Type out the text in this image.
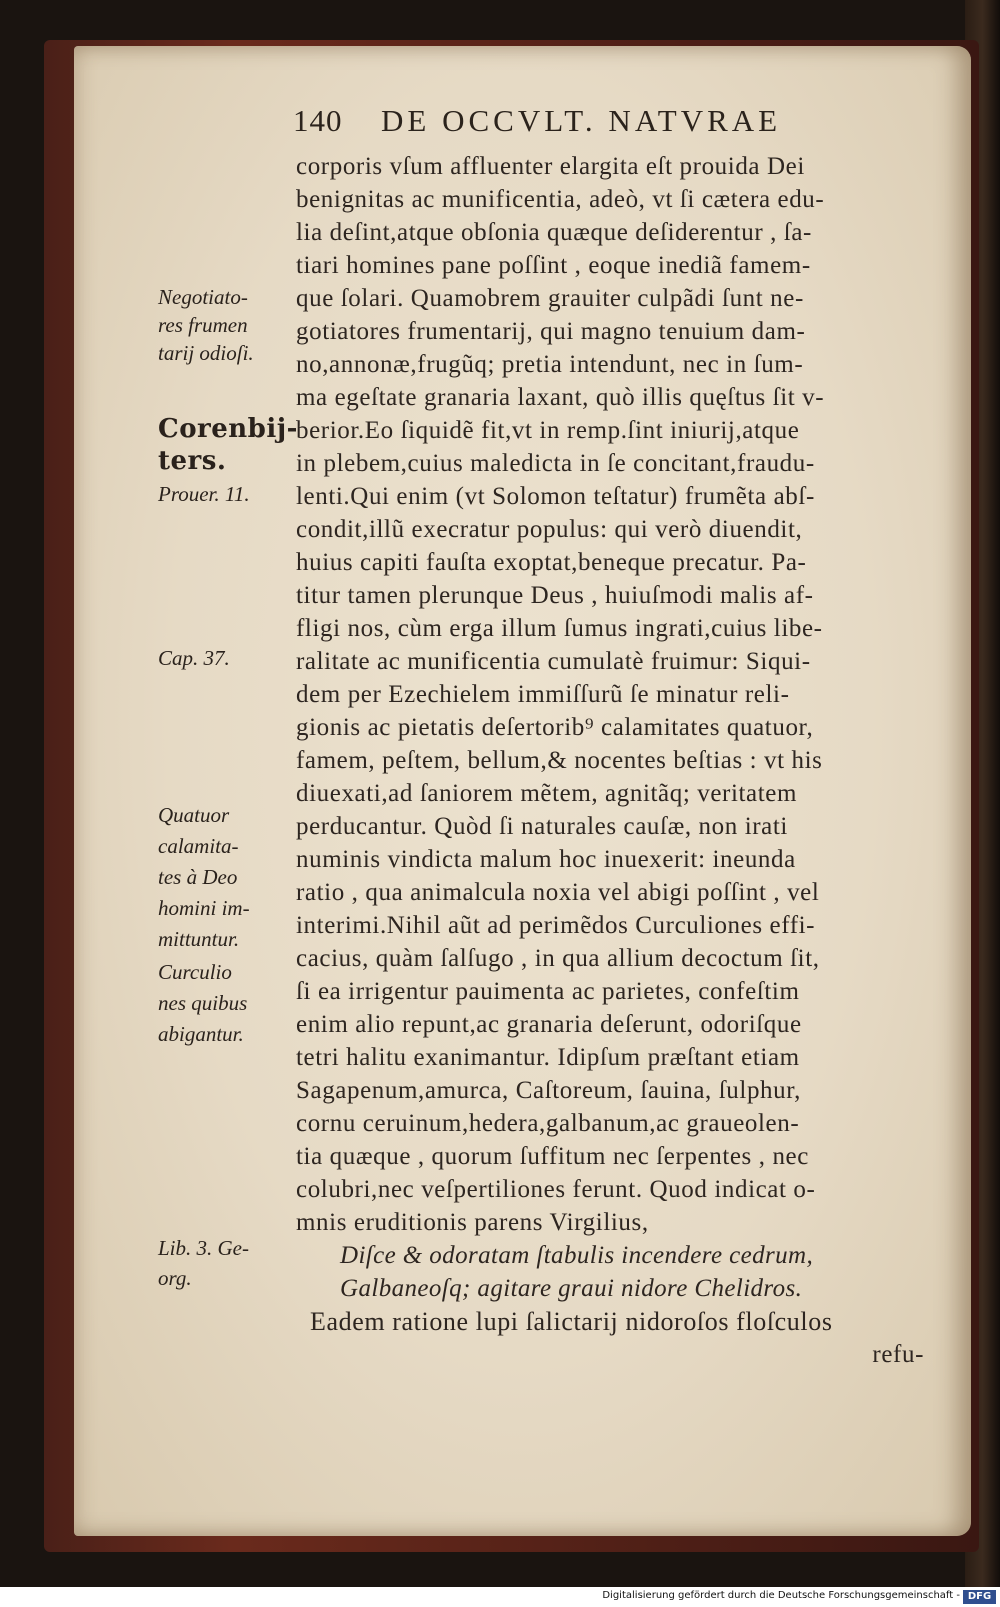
140 DE OCCVLT. NATVRAE
corporis vſum affluenter elargita eſt prouida Dei
benignitas ac munificentia, adeò, vt ſi cætera edu-
lia deſint,atque obſonia quæque deſiderentur , ſa-
tiari homines pane poſſint , eoque inediã famem-
que ſolari. Quamobrem grauiter culpãdi ſunt ne-
gotiatores frumentarij, qui magno tenuium dam-
no,annonæ,frugũq; pretia intendunt, nec in ſum-
ma egeſtate granaria laxant, quò illis quęſtus ſit v-
berior.Eo ſiquidẽ fit,vt in remp.ſint iniurij,atque
in plebem,cuius maledicta in ſe concitant,fraudu-
lenti.Qui enim (vt Solomon teſtatur) frumẽta abſ-
condit,illũ execratur populus: qui verò diuendit,
huius capiti fauſta exoptat,beneque precatur. Pa-
titur tamen plerunque Deus , huiuſmodi malis af-
fligi nos, cùm erga illum ſumus ingrati,cuius libe-
ralitate ac munificentia cumulatè fruimur: Siqui-
dem per Ezechielem immiſſurũ ſe minatur reli-
gionis ac pietatis deſertorib⁹ calamitates quatuor,
famem, peſtem, bellum,& nocentes beſtias : vt his
diuexati,ad ſaniorem mẽtem, agnitãq; veritatem
perducantur. Quòd ſi naturales cauſæ, non irati
numinis vindicta malum hoc inuexerit: ineunda
ratio , qua animalcula noxia vel abigi poſſint , vel
interimi.Nihil aũt ad perimẽdos Curculiones effi-
cacius, quàm ſalſugo , in qua allium decoctum ſit,
ſi ea irrigentur pauimenta ac parietes, confeſtim
enim alio repunt,ac granaria deſerunt, odoriſque
tetri halitu exanimantur. Idipſum præſtant etiam
Sagapenum,amurca, Caſtoreum, ſauina, ſulphur,
cornu ceruinum,hedera,galbanum,ac graueolen-
tia quæque , quorum ſuffitum nec ſerpentes , nec
colubri,nec veſpertiliones ferunt. Quod indicat o-
mnis eruditionis parens Virgilius,
Diſce & odoratam ſtabulis incendere cedrum,
Galbaneoſq; agitare graui nidore Chelidros.
Eadem ratione lupi ſalictarij nidoroſos floſculos
refu-
Negotiato-
res frumen
tarij odioſi.
Corenbij-
ters.
Prouer. 11.
Cap. 37.
Quatuor
calamita-
tes à Deo
homini im-
mittuntur.
Curculio
nes quibus
abigantur.
Lib. 3. Ge-
org.
Digitalisierung gefördert durch die Deutsche Forschungsgemeinschaft - DFG
